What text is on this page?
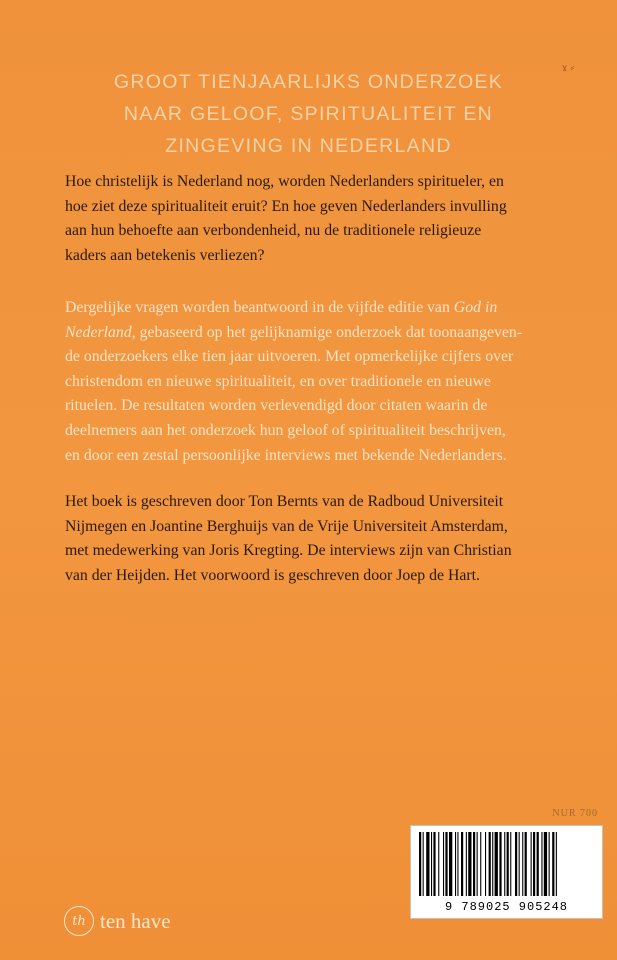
ɤ ⸗
GROOT TIENJAARLIJKS ONDERZOEK
NAAR GELOOF, SPIRITUALITEIT EN
ZINGEVING IN NEDERLAND
Hoe christelijk is Nederland nog, worden Nederlanders spiritueler, en
hoe ziet deze spiritualiteit eruit? En hoe geven Nederlanders invulling
aan hun behoefte aan verbondenheid, nu de traditionele religieuze
kaders aan betekenis verliezen?
Dergelijke vragen worden beantwoord in de vijfde editie van God in
Nederland, gebaseerd op het gelijknamige onderzoek dat toonaangeven-
de onderzoekers elke tien jaar uitvoeren. Met opmerkelijke cijfers over
christendom en nieuwe spiritualiteit, en over traditionele en nieuwe
rituelen. De resultaten worden verlevendigd door citaten waarin de
deelnemers aan het onderzoek hun geloof of spiritualiteit beschrijven,
en door een zestal persoonlijke interviews met bekende Nederlanders.
Het boek is geschreven door Ton Bernts van de Radboud Universiteit
Nijmegen en Joantine Berghuijs van de Vrije Universiteit Amsterdam,
met medewerking van Joris Kregting. De interviews zijn van Christian
van der Heijden. Het voorwoord is geschreven door Joep de Hart.
NUR 700
9 789025 905248
th ten have
